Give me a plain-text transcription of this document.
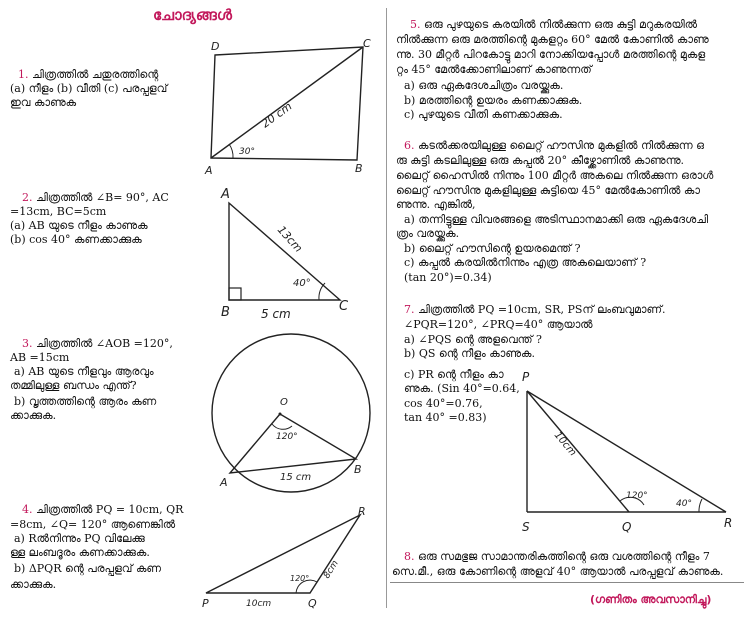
ചോദ്യങ്ങൾ
1. ചിത്രത്തിൽ ചതുരത്തിന്റെ
(a) നീളം (b) വീതി (c) പരപ്പളവ്
ഇവ കാണുക
2. ചിത്രത്തിൽ ∠B= 90°, AC
=13cm, BC=5cm
(a) AB യുടെ നീളം കാണുക
(b) cos 40° കണക്കാക്കുക
3. ചിത്രത്തിൽ ∠AOB =120°,
AB =15cm
a) AB യുടെ നീളവും ആരവും
തമ്മിലുള്ള ബന്ധം എന്ത്?
b) വൃത്തത്തിന്റെ ആരം കണ
ക്കാക്കുക.
4. ചിത്രത്തിൽ PQ = 10cm, QR
=8cm, ∠Q= 120° ആണെങ്കിൽ
a) Rൽനിന്നും PQ വിലേക്കു
ള്ള ലംബദൂരം കണക്കാക്കുക.
b) ΔPQR ന്റെ പരപ്പളവ് കണ
ക്കാക്കുക.
5. ഒരു പുഴയുടെ കരയിൽ നിൽക്കുന്ന ഒരു കുട്ടി മറുകരയിൽ
നിൽക്കുന്ന ഒരു മരത്തിന്റെ മുകളറ്റം 60° മേൽ കോണിൽ കാണു
ന്നു. 30 മീറ്റർ പിറകോട്ടു മാറി നോക്കിയപ്പോൾ മരത്തിന്റെ മുകള
റ്റം 45° മേൽക്കോണിലാണ് കാണുന്നത്
a) ഒരു ഏകദേശചിത്രം വരയ്ക്കുക.
b) മരത്തിന്റെ ഉയരം കണക്കാക്കുക.
c) പുഴയുടെ വീതി കണക്കാക്കുക.
6. കടൽക്കരയിലുള്ള ലൈറ്റ് ഹൗസിനു മുകളിൽ നിൽക്കുന്ന ഒ
രു കുട്ടി കടലിലുള്ള ഒരു കപ്പൽ 20° കീഴ്ക്കോണിൽ കാണുന്നു.
ലൈറ്റ് ഹൈസിൽ നിന്നും 100 മീറ്റർ അകലെ നിൽക്കുന്ന ഒരാൾ
ലൈറ്റ് ഹൗസിനു മുകളിലുള്ള കുട്ടിയെ 45° മേൽകോണിൽ കാ
ണുന്നു. എങ്കിൽ,
a) തന്നിട്ടുള്ള വിവരങ്ങളെ അടിസ്ഥാനമാക്കി ഒരു ഏകദേശചി
ത്രം വരയ്ക്കുക.
b) ലൈറ്റ് ഹൗസിന്റെ ഉയരമെന്ത് ?
c) കപ്പൽ കരയിൽനിന്നും എത്ര അകലെയാണ് ?
(tan 20°)=0.34)
7. ചിത്രത്തിൽ PQ =10cm, SR, PSന് ലംബവുമാണ്.
∠PQR=120°, ∠PRQ=40° ആയാൽ
a) ∠PQS ന്റെ അളവെന്ത് ?
b) QS ന്റെ നീളം കാണുക.
c) PR ന്റെ നീളം കാ
ണുക. (Sin 40°=0.64,
cos 40°=0.76,
tan 40° =0.83)
8. ഒരു സമഭുജ സാമാന്തരികത്തിന്റെ ഒരു വശത്തിന്റെ നീളം 7
സെ.മീ., ഒരു കോണിന്റെ അളവ് 40° ആയാൽ പരപ്പളവ് കാണുക.
(ഗണിതം അവസാനിച്ചു)
D	C
A	B
20 cm
30°
A
B	C
13cm
5 cm
40°
O
A
B
120°
15 cm
R
P	Q
10cm
8cm
120°
P
S	Q	R
10cm
120°
40°
